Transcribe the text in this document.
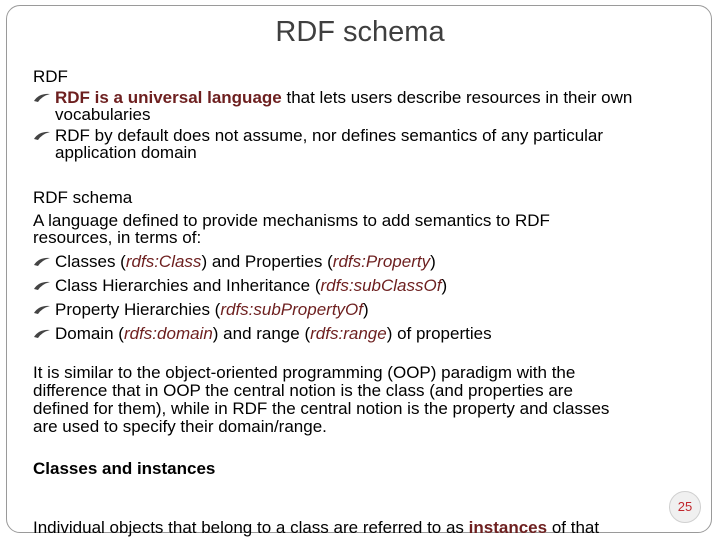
RDF schema
RDF
RDF is a universal language that lets users describe resources in their own
vocabularies
RDF by default does not assume, nor defines semantics of any particular
application domain
RDF schema
A language defined to provide mechanisms to add semantics to RDF
resources, in terms of:
Classes (rdfs:Class) and Properties (rdfs:Property)
Class Hierarchies and Inheritance (rdfs:subClassOf)
Property Hierarchies (rdfs:subPropertyOf)
Domain (rdfs:domain) and range (rdfs:range) of properties
It is similar to the object-oriented programming (OOP) paradigm with the
difference that in OOP the central notion is the class (and properties are
defined for them), while in RDF the central notion is the property and classes
are used to specify their domain/range.
Classes and instances
Individual objects that belong to a class are referred to as instances of that
25
